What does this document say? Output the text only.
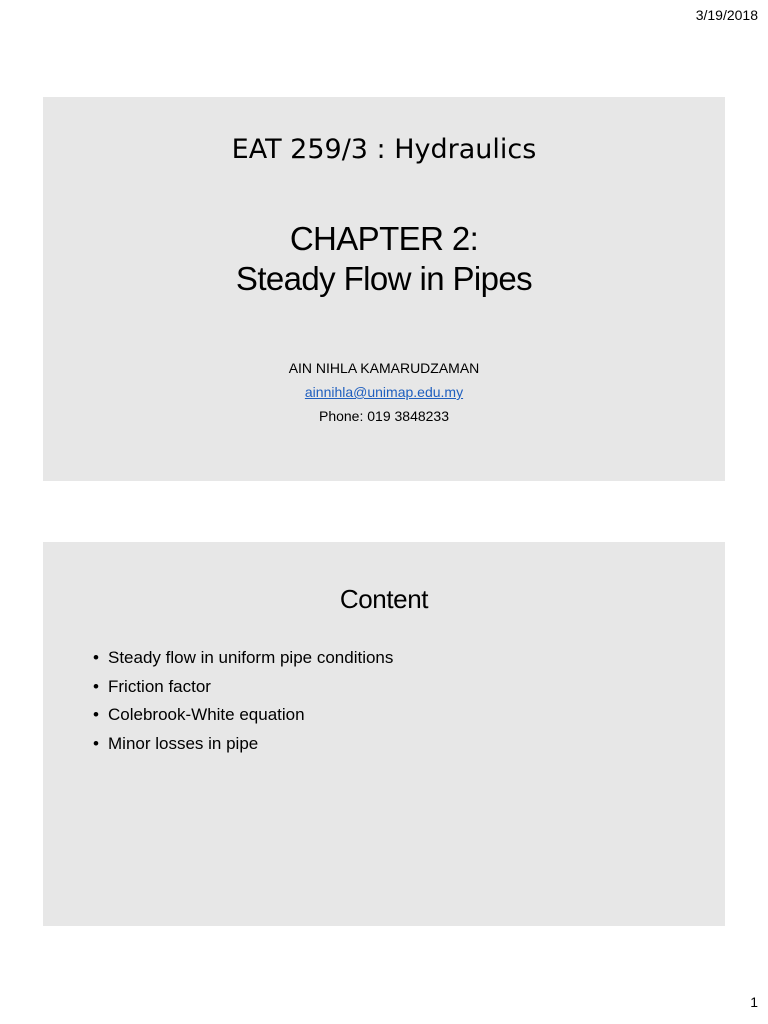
3/19/2018
EAT 259/3 : Hydraulics
CHAPTER 2:
Steady Flow in Pipes
AIN NIHLA KAMARUDZAMAN
ainnihla@unimap.edu.my
Phone: 019 3848233
Content
• Steady flow in uniform pipe conditions
• Friction factor
• Colebrook-White equation
• Minor losses in pipe
1
